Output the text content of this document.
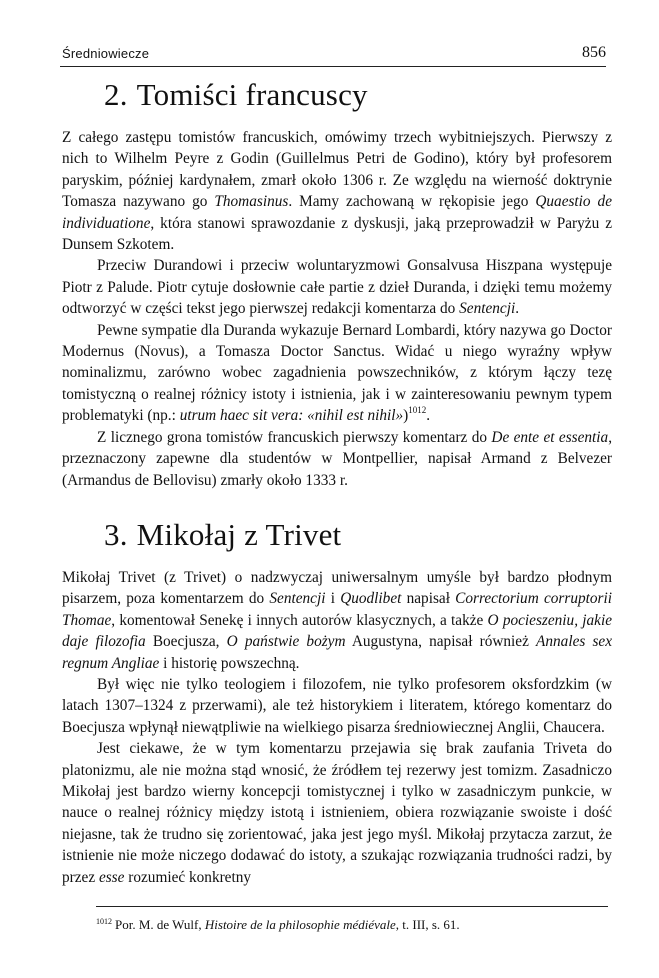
Średniowiecze	856
2. Tomiści francuscy

Z całego zastępu tomistów francuskich, omówimy trzech wybitniejszych. Pierwszy z nich to Wilhelm Peyre z Godin (Guillelmus Petri de Godino), który był profesorem paryskim, później kardynałem, zmarł około 1306 r. Ze względu na wierność doktrynie Tomasza nazywano go Thomasinus. Mamy zachowaną w rękopisie jego Quaestio de individuatione, która stanowi sprawozdanie z dyskusji, jaką przeprowadził w Paryżu z Dunsem Szkotem.

Przeciw Durandowi i przeciw woluntaryzmowi Gonsalvusa Hiszpana występuje Piotr z Palude. Piotr cytuje dosłownie całe partie z dzieł Duranda, i dzięki temu możemy odtworzyć w części tekst jego pierwszej redakcji komentarza do Sentencji.

Pewne sympatie dla Duranda wykazuje Bernard Lombardi, który nazywa go Doctor Modernus (Novus), a Tomasza Doctor Sanctus. Widać u niego wyraźny wpływ nominalizmu, zarówno wobec zagadnienia powszechników, z którym łączy tezę tomistyczną o realnej różnicy istoty i istnienia, jak i w zainteresowaniu pewnym typem problematyki (np.: utrum haec sit vera: «nihil est nihil»)$^{1012}$.

Z licznego grona tomistów francuskich pierwszy komentarz do De ente et essentia, przeznaczony zapewne dla studentów w Montpellier, napisał Armand z Belvezer (Armandus de Bellovisu) zmarły około 1333 r.

3. Mikołaj z Trivet

Mikołaj Trivet (z Trivet) o nadzwyczaj uniwersalnym umyśle był bardzo płodnym pisarzem, poza komentarzem do Sentencji i Quodlibet napisał Correctorium corruptorii Thomae, komentował Senekę i innych autorów klasycznych, a także O pocieszeniu, jakie daje filozofia Boecjusza, O państwie bożym Augustyna, napisał również Annales sex regnum Angliae i historię powszechną.

Był więc nie tylko teologiem i filozofem, nie tylko profesorem oksfordzkim (w latach 1307–1324 z przerwami), ale też historykiem i literatem, którego komentarz do Boecjusza wpłynął niewątpliwie na wielkiego pisarza średniowiecznej Anglii, Chaucera.

Jest ciekawe, że w tym komentarzu przejawia się brak zaufania Triveta do platonizmu, ale nie można stąd wnosić, że źródłem tej rezerwy jest tomizm. Zasadniczo Mikołaj jest bardzo wierny koncepcji tomistycznej i tylko w zasadniczym punkcie, w nauce o realnej różnicy między istotą i istnieniem, obiera rozwiązanie swoiste i dość niejasne, tak że trudno się zorientować, jaka jest jego myśl. Mikołaj przytacza zarzut, że istnienie nie może niczego dodawać do istoty, a szukając rozwiązania trudności radzi, by przez esse rozumieć konkretny

$^{1012}$ Por. M. de Wulf, Histoire de la philosophie médiévale, t. III, s. 61.
